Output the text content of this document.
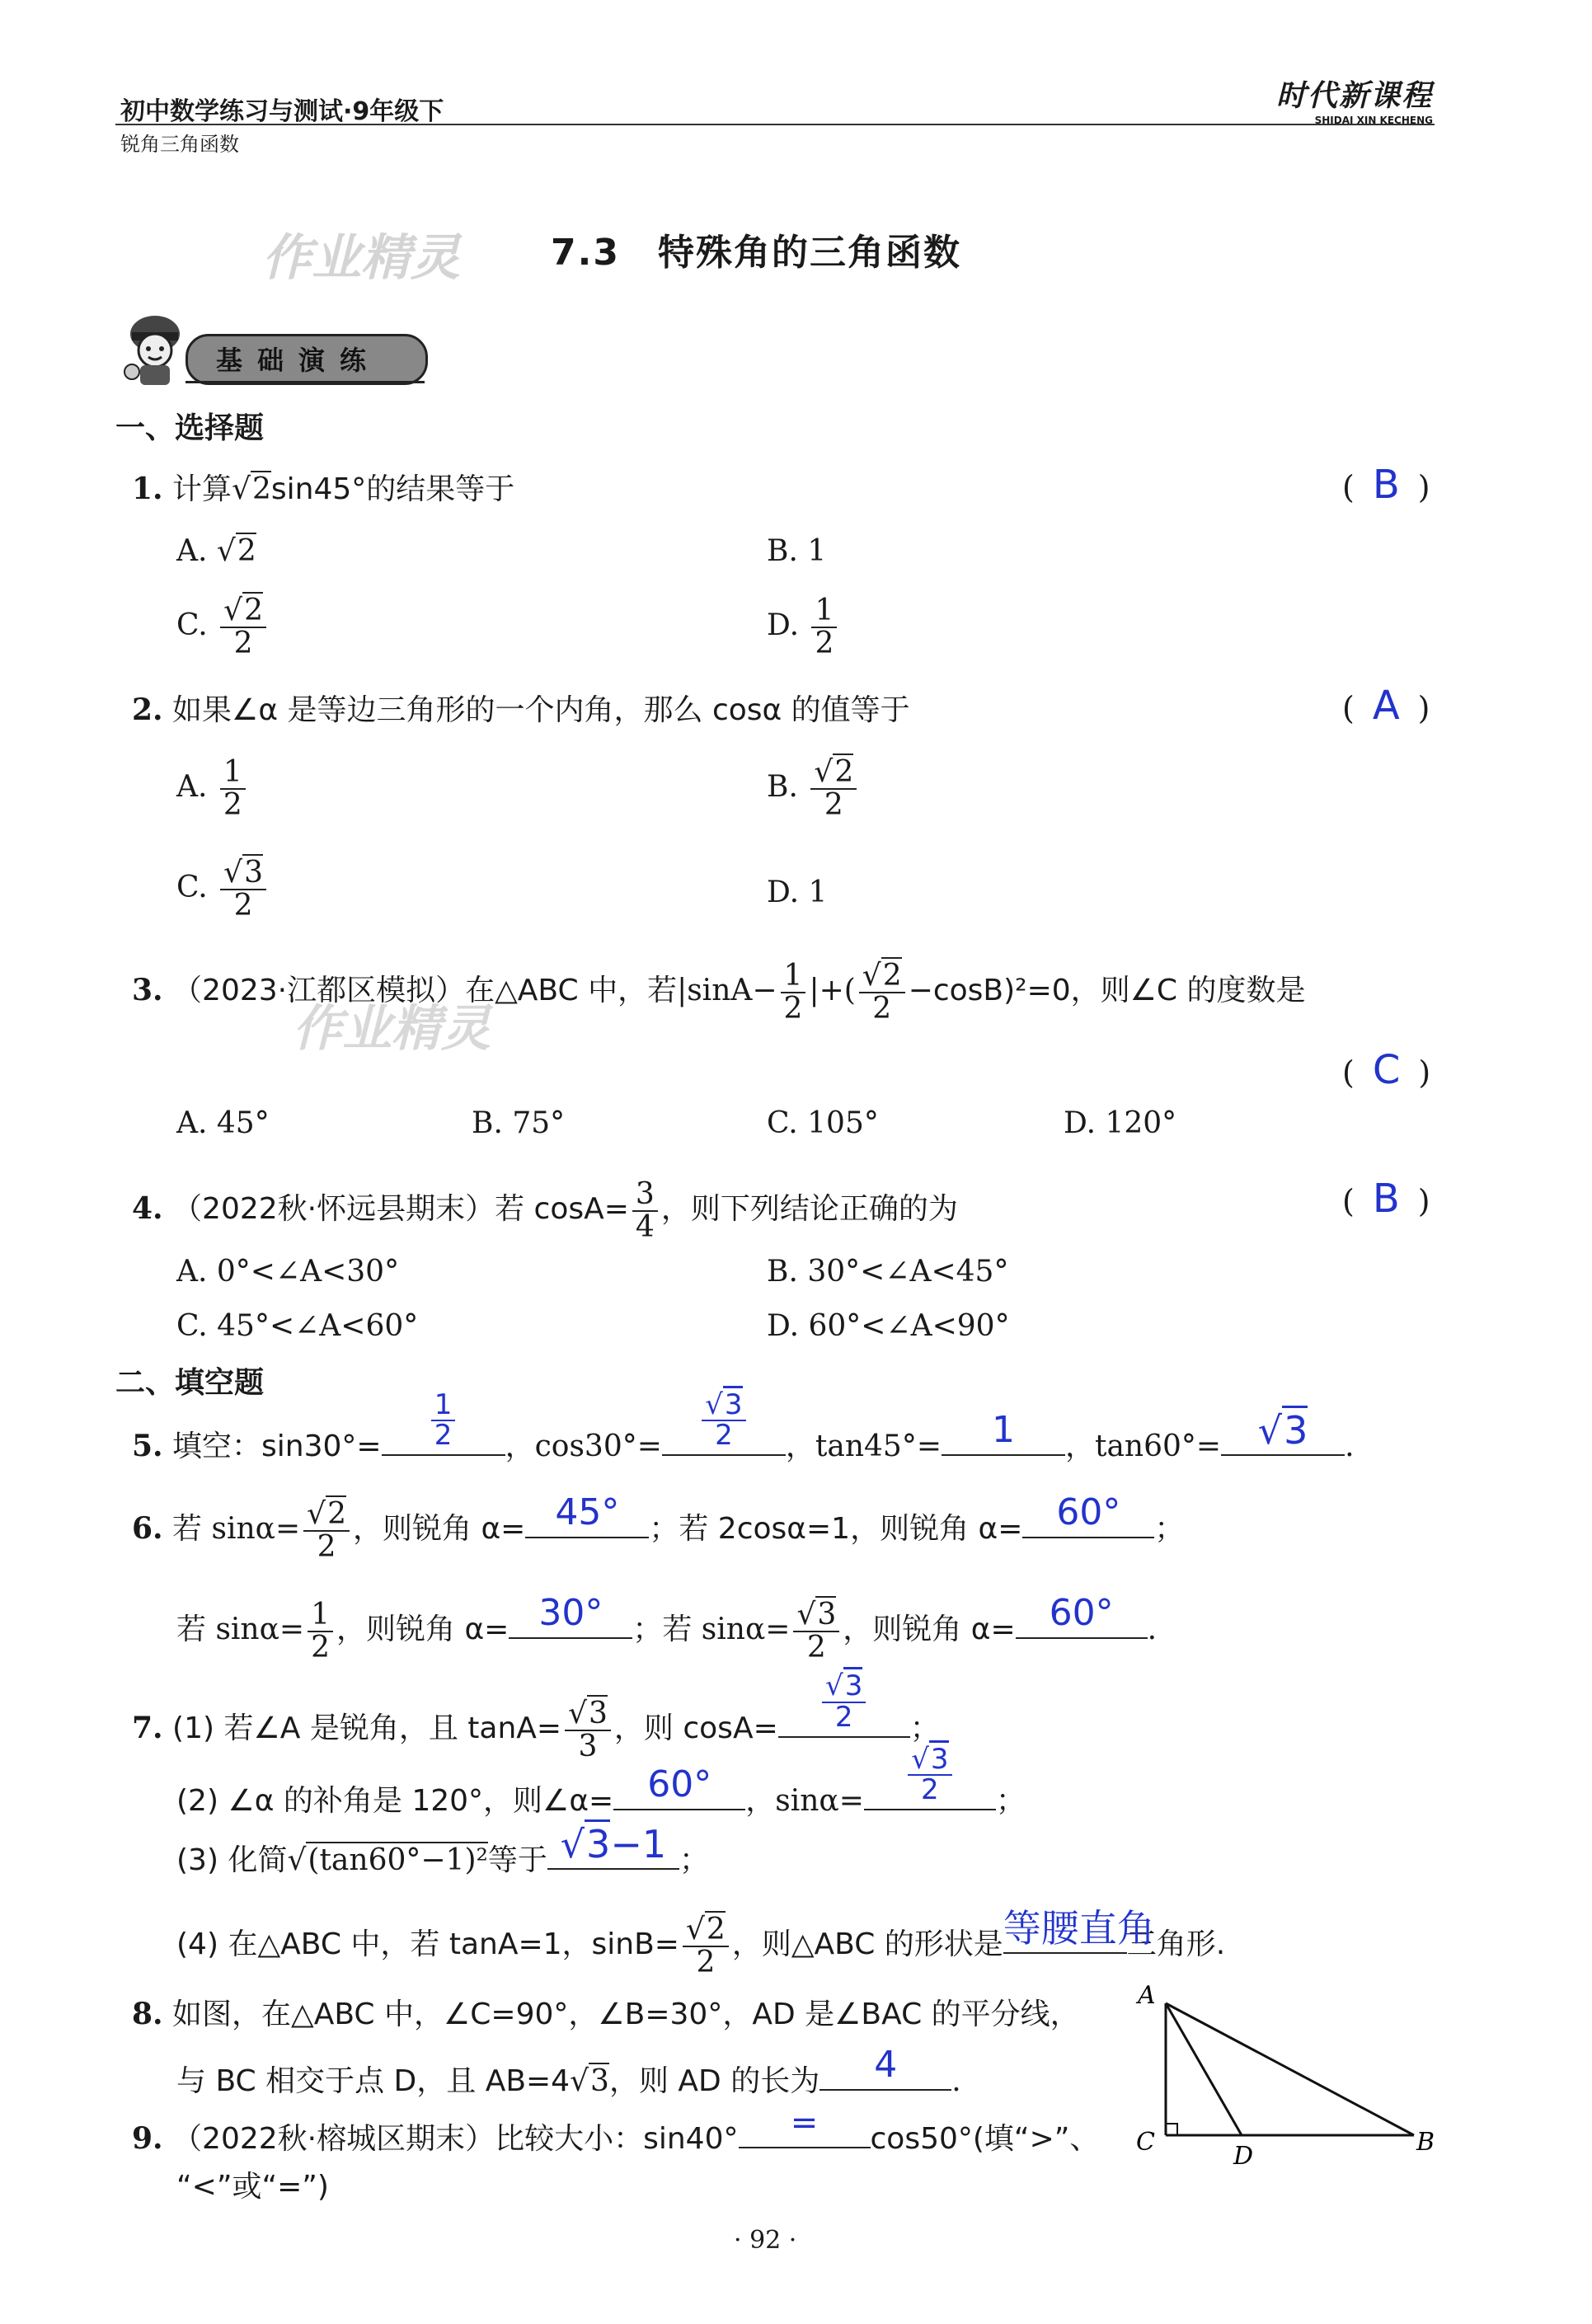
初中数学练习与测试·9年级下
锐角三角函数
时代新课程
SHIDAI XIN KECHENG
作业精灵
作业精灵
7.3　特殊角的三角函数
基础演练
一、选择题
1. 计算√2sin45°的结果等于	( B )
A. √2	B. 1
C. $\frac{√2}{2}$	D. $\frac{1}{2}$
2. 如果∠α 是等边三角形的一个内角，那么 cosα 的值等于	( A )
A. $\frac{1}{2}$	B. $\frac{√2}{2}$
C. $\frac{√3}{2}$	D. 1
3. （2023·江都区模拟）在△ABC 中，若$|\sin A- \frac{1}{2}$ |+( $\frac{√2}{2} -\cos B)^2=0$，则∠C 的度数是
( C )
A. 45°	B. 75°	C. 105°	D. 120°
4. （2022秋·怀远县期末）若 $\cos A= \frac{3}{4}$ ，则下列结论正确的为	( B )
A. 0°<∠A<30°	B. 30°<∠A<45°
C. 45°<∠A<60°	D. 60°<∠A<90°
二、填空题
5. 填空：$\sin 30^\circ= \frac{1}{2}$ ，$\cos 30^\circ= \frac{√3}{2}$ ，tan45°=	1	，tan60°= √3	.
6. 若 $\sin\alpha= \frac{√2}{2}$ ，则锐角 α= 45°	；若 2cosα=1，则锐角 α= 60°	；
若 $\sin\alpha= \frac{1}{2}$ ，则锐角 α= 30°	；若 $\sin\alpha= \frac{√3}{2}$ ，则锐角 α= 60°	.
7. (1) 若∠A 是锐角，且 $\tan A= \frac{√3}{3}$ ，则 $\cos A= \frac{√3}{2}$ ；
(2) ∠α 的补角是 120°，则∠α= 60°	，$\sin\alpha= \frac{√3}{2}$ ；
(3) 化简√(tan60°−1)²等于 √3−1 ；
(4) 在△ABC 中，若 tanA=1，$\sin B= \frac{√2}{2}$ ，则△ABC 的形状是 等腰直角
三角形.
8. 如图，在△ABC 中，∠C=90°，∠B=30°，AD 是∠BAC 的平分线，
与 BC 相交于点 D，且 AB=4√3，则 AD 的长为	4	.
9. （2022秋·榕城区期末）比较大小：sin40°	=	cos50°(填“>”、
“<”或“=”)
A
C	D	B
· 92 ·
